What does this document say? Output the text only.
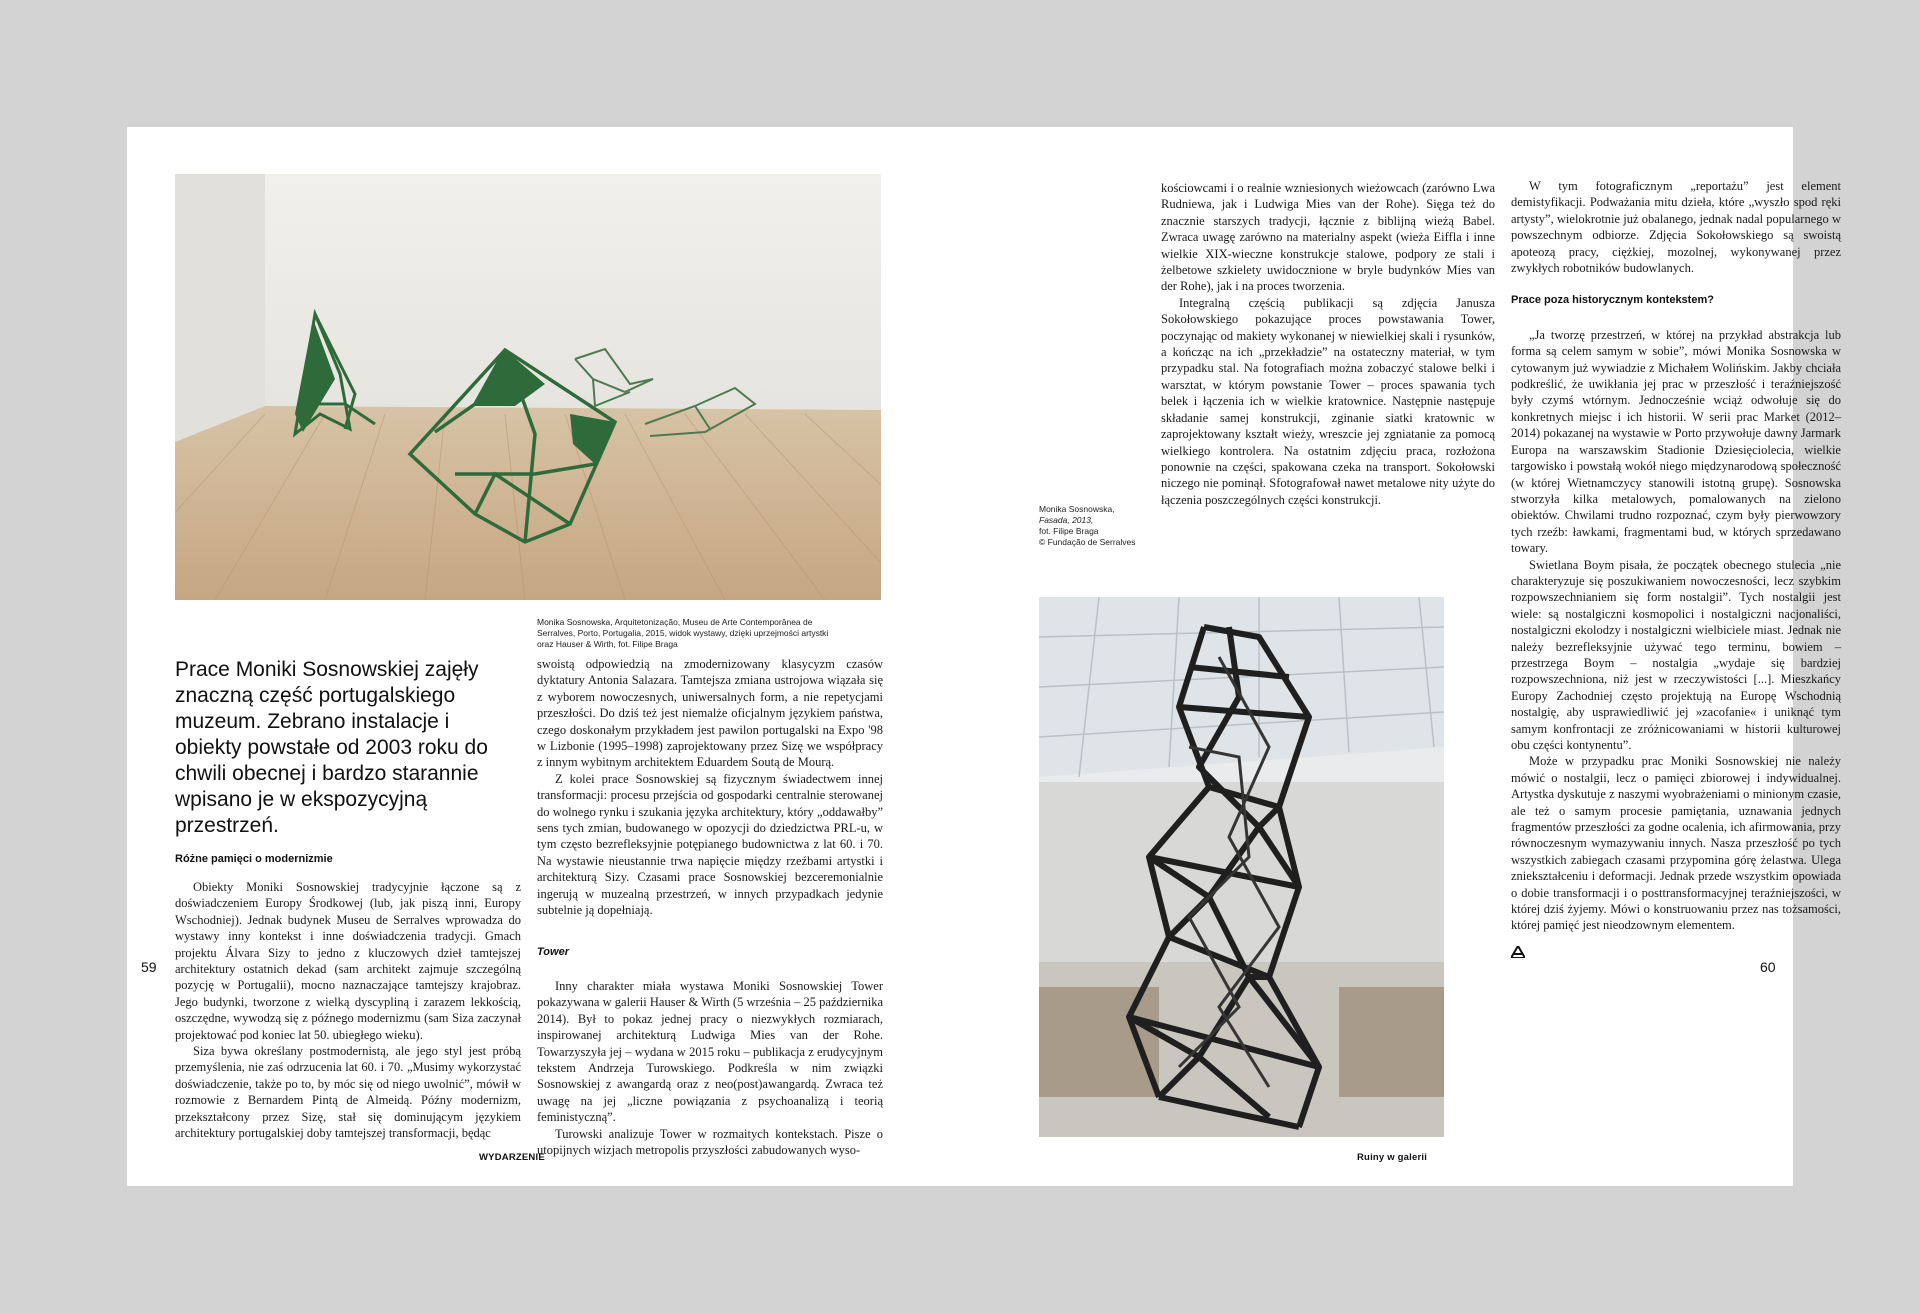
Monika Sosnowska, Arquitetonização, Museu de Arte Contemporânea de Serralves, Porto, Portugalia, 2015, widok wystawy, dzięki uprzejmości artystki oraz Hauser & Wirth, fot. Filipe Braga

Prace Moniki Sosnowskiej zajęły znaczną część portugalskiego muzeum. Zebrano instalacje i obiekty powstałe od 2003 roku do chwili obecnej i bardzo starannie wpisano je w ekspozycyjną przestrzeń.

Różne pamięci o modernizmie

Obiekty Moniki Sosnowskiej tradycyjnie łączone są z doświadczeniem Europy Środkowej (lub, jak piszą inni, Europy Wschodniej). Jednak budynek Museu de Serralves wprowadza do wystawy inny kontekst i inne doświadczenia tradycji. Gmach projektu Álvara Sizy to jedno z kluczowych dzieł tamtejszej architektury ostatnich dekad (sam architekt zajmuje szczególną pozycję w Portugalii), mocno naznaczające tamtejszy krajobraz. Jego budynki, tworzone z wielką dyscypliną i zarazem lekkością, oszczędne, wywodzą się z późnego modernizmu (sam Siza zaczynał projektować pod koniec lat 50. ubiegłego wieku).

Siza bywa określany postmodernistą, ale jego styl jest próbą przemyślenia, nie zaś odrzucenia lat 60. i 70. „Musimy wykorzystać doświadczenie, także po to, by móc się od niego uwolnić”, mówił w rozmowie z Bernardem Pintą de Almeidą. Późny modernizm, przekształcony przez Sizę, stał się dominującym językiem architektury portugalskiej doby tamtejszej transformacji, będąc

swoistą odpowiedzią na zmodernizowany klasycyzm czasów dyktatury Antonia Salazara. Tamtejsza zmiana ustrojowa wiązała się z wyborem nowoczesnych, uniwersalnych form, a nie repetycjami przeszłości. Do dziś też jest niemalże oficjalnym językiem państwa, czego doskonałym przykładem jest pawilon portugalski na Expo '98 w Lizbonie (1995–1998) zaprojektowany przez Sizę we współpracy z innym wybitnym architektem Eduardem Soutą de Mourą.

Z kolei prace Sosnowskiej są fizycznym świadectwem innej transformacji: procesu przejścia od gospodarki centralnie sterowanej do wolnego rynku i szukania języka architektury, który „oddawałby” sens tych zmian, budowanego w opozycji do dziedzictwa PRL-u, w tym często bezrefleksyjnie potępianego budownictwa z lat 60. i 70. Na wystawie nieustannie trwa napięcie między rzeźbami artystki i architekturą Sizy. Czasami prace Sosnowskiej bezceremonialnie ingerują w muzealną przestrzeń, w innych przypadkach jedynie subtelnie ją dopełniają.

Tower

Inny charakter miała wystawa Moniki Sosnowskiej Tower pokazywana w galerii Hauser & Wirth (5 września – 25 października 2014). Był to pokaz jednej pracy o niezwykłych rozmiarach, inspirowanej architekturą Ludwiga Mies van der Rohe. Towarzyszyła jej – wydana w 2015 roku – publikacja z erudycyjnym tekstem Andrzeja Turowskiego. Podkreśla w nim związki Sosnowskiej z awangardą oraz z neo(post)awangardą. Zwraca też uwagę na jej „liczne powiązania z psychoanalizą i teorią feministyczną”.

Turowski analizuje Tower w rozmaitych kontekstach. Pisze o utopijnych wizjach metropolis przyszłości zabudowanych wyso-

59
WYDARZENIE
Monika Sosnowska,
Fasada, 2013,
fot. Filipe Braga
© Fundação de Serralves

kościowcami i o realnie wzniesionych wieżowcach (zarówno Lwa Rudniewa, jak i Ludwiga Mies van der Rohe). Sięga też do znacznie starszych tradycji, łącznie z biblijną wieżą Babel. Zwraca uwagę zarówno na materialny aspekt (wieża Eiffla i inne wielkie XIX-wieczne konstrukcje stalowe, podpory ze stali i żelbetowe szkielety uwidocznione w bryle budynków Mies van der Rohe), jak i na proces tworzenia.

Integralną częścią publikacji są zdjęcia Janusza Sokołowskiego pokazujące proces powstawania Tower, poczynając od makiety wykonanej w niewielkiej skali i rysunków, a kończąc na ich „przekładzie” na ostateczny materiał, w tym przypadku stal. Na fotografiach można zobaczyć stalowe belki i warsztat, w którym powstanie Tower – proces spawania tych belek i łączenia ich w wielkie kratownice. Następnie następuje składanie samej konstrukcji, zginanie siatki kratownic w zaprojektowany kształt wieży, wreszcie jej zgniatanie za pomocą wielkiego kontrolera. Na ostatnim zdjęciu praca, rozłożona ponownie na części, spakowana czeka na transport. Sokołowski niczego nie pominął. Sfotografował nawet metalowe nity użyte do łączenia poszczególnych części konstrukcji.

W tym fotograficznym „reportażu” jest element demistyfikacji. Podważania mitu dzieła, które „wyszło spod ręki artysty”, wielokrotnie już obalanego, jednak nadal popularnego w powszechnym odbiorze. Zdjęcia Sokołowskiego są swoistą apoteozą pracy, ciężkiej, mozolnej, wykonywanej przez zwykłych robotników budowlanych.

Prace poza historycznym kontekstem?

„Ja tworzę przestrzeń, w której na przykład abstrakcja lub forma są celem samym w sobie”, mówi Monika Sosnowska w cytowanym już wywiadzie z Michałem Wolińskim. Jakby chciała podkreślić, że uwikłania jej prac w przeszłość i teraźniejszość były czymś wtórnym. Jednocześnie wciąż odwołuje się do konkretnych miejsc i ich historii. W serii prac Market (2012–2014) pokazanej na wystawie w Porto przywołuje dawny Jarmark Europa na warszawskim Stadionie Dziesięciolecia, wielkie targowisko i powstałą wokół niego międzynarodową społeczność (w której Wietnamczycy stanowili istotną grupę). Sosnowska stworzyła kilka metalowych, pomalowanych na zielono obiektów. Chwilami trudno rozpoznać, czym były pierwowzory tych rzeźb: ławkami, fragmentami bud, w których sprzedawano towary.

Swietlana Boym pisała, że początek obecnego stulecia „nie charakteryzuje się poszukiwaniem nowoczesności, lecz szybkim rozpowszechnianiem się form nostalgii”. Tych nostalgii jest wiele: są nostalgiczni kosmopolici i nostalgiczni nacjonaliści, nostalgiczni ekolodzy i nostalgiczni wielbiciele miast. Jednak nie należy bezrefleksyjnie używać tego terminu, bowiem – przestrzega Boym – nostalgia „wydaje się bardziej rozpowszechniona, niż jest w rzeczywistości [...]. Mieszkańcy Europy Zachodniej często projektują na Europę Wschodnią nostalgię, aby usprawiedliwić jej »zacofanie« i uniknąć tym samym konfrontacji ze zróżnicowaniami w historii kulturowej obu części kontynentu”.

Może w przypadku prac Moniki Sosnowskiej nie należy mówić o nostalgii, lecz o pamięci zbiorowej i indywidualnej. Artystka dyskutuje z naszymi wyobrażeniami o minionym czasie, ale też o samym procesie pamiętania, uznawania jednych fragmentów przeszłości za godne ocalenia, ich afirmowania, przy równoczesnym wymazywaniu innych. Nasza przeszłość po tych wszystkich zabiegach czasami przypomina górę żelastwa. Ulega zniekształceniu i deformacji. Jednak przede wszystkim opowiada o dobie transformacji i o posttransformacyjnej teraźniejszości, w której dziś żyjemy. Mówi o konstruowaniu przez nas tożsamości, której pamięć jest nieodzownym elementem.

60
Ruiny w galerii
